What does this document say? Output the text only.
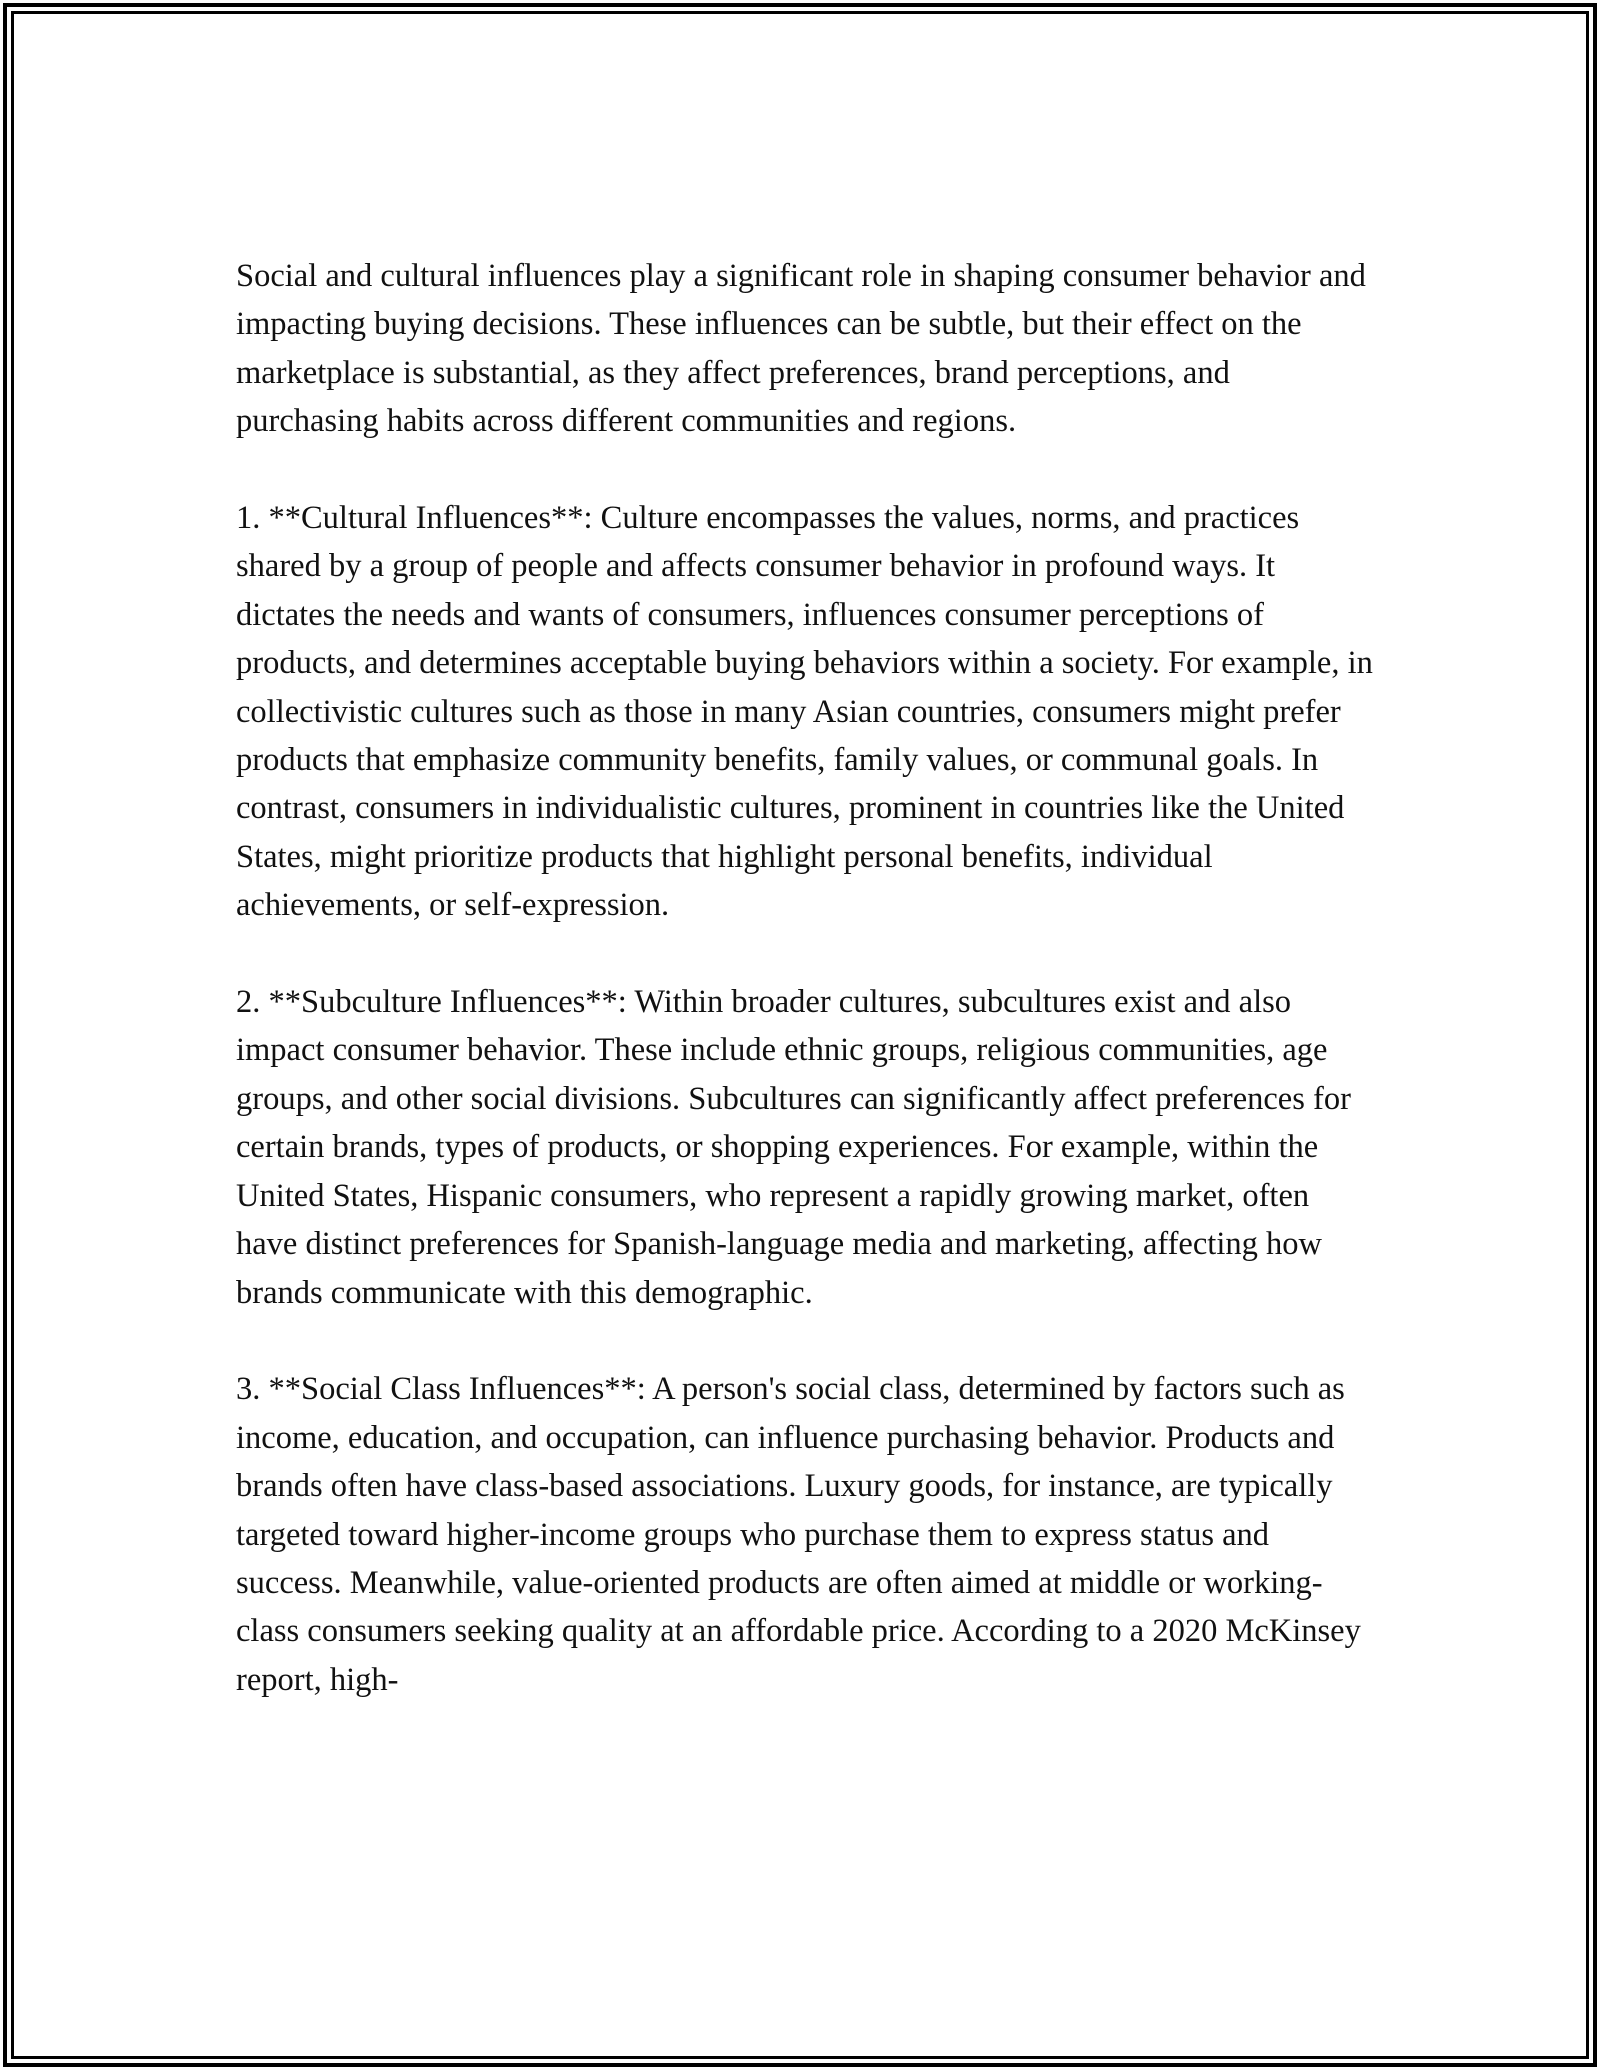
Social and cultural influences play a significant role in shaping consumer behavior and impacting buying decisions. These influences can be subtle, but their effect on the marketplace is substantial, as they affect preferences, brand perceptions, and purchasing habits across different communities and regions.

1. **Cultural Influences**: Culture encompasses the values, norms, and practices shared by a group of people and affects consumer behavior in profound ways. It dictates the needs and wants of consumers, influences consumer perceptions of products, and determines acceptable buying behaviors within a society. For example, in collectivistic cultures such as those in many Asian countries, consumers might prefer products that emphasize community benefits, family values, or communal goals. In contrast, consumers in individualistic cultures, prominent in countries like the United States, might prioritize products that highlight personal benefits, individual achievements, or self-expression.

2. **Subculture Influences**: Within broader cultures, subcultures exist and also impact consumer behavior. These include ethnic groups, religious communities, age groups, and other social divisions. Subcultures can significantly affect preferences for certain brands, types of products, or shopping experiences. For example, within the United States, Hispanic consumers, who represent a rapidly growing market, often have distinct preferences for Spanish-language media and marketing, affecting how brands communicate with this demographic.

3. **Social Class Influences**: A person's social class, determined by factors such as income, education, and occupation, can influence purchasing behavior. Products and brands often have class-based associations. Luxury goods, for instance, are typically targeted toward higher-income groups who purchase them to express status and success. Meanwhile, value-oriented products are often aimed at middle or working-class consumers seeking quality at an affordable price. According to a 2020 McKinsey report, high-
